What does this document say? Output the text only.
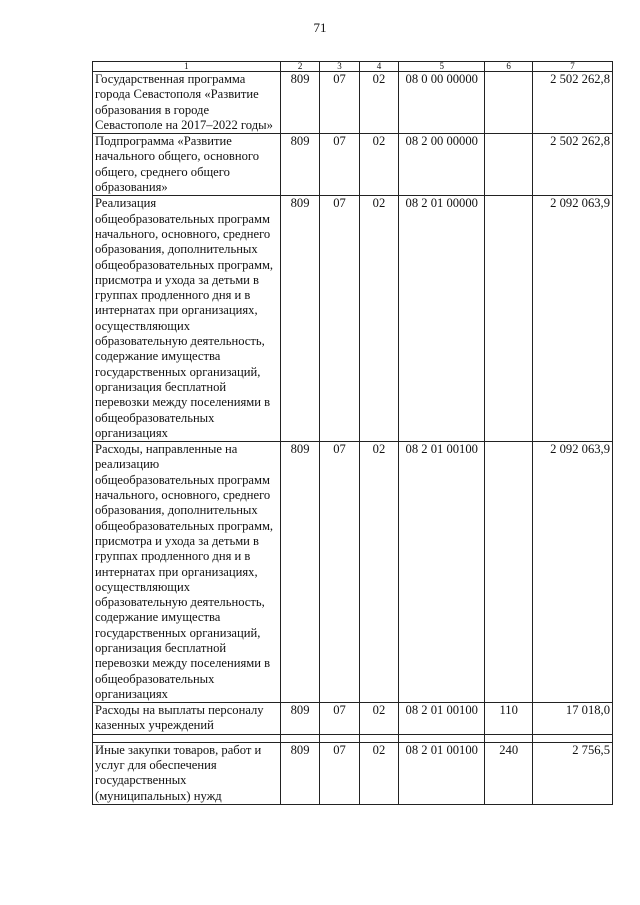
71
1	2	3	4	5	6	7
Государственная программа города Севастополя «Развитие образования в городе Севастополе на 2017–2022 годы»	809	07	02	08 0 00 00000		2 502 262,8
Подпрограмма «Развитие начального общего, основного общего, среднего общего образования»	809	07	02	08 2 00 00000		2 502 262,8
Реализация общеобразовательных программ начального, основного, среднего образования, дополнительных общеобразовательных программ, присмотра и ухода за детьми в группах продленного дня и в интернатах при организациях, осуществляющих образовательную деятельность, содержание имущества государственных организаций, организация бесплатной перевозки между поселениями в общеобразовательных организациях	809	07	02	08 2 01 00000		2 092 063,9
Расходы, направленные на реализацию общеобразовательных программ начального, основного, среднего образования, дополнительных общеобразовательных программ, присмотра и ухода за детьми в группах продленного дня и в интернатах при организациях, осуществляющих образовательную деятельность, содержание имущества государственных организаций, организация бесплатной перевозки между поселениями в общеобразовательных организациях	809	07	02	08 2 01 00100		2 092 063,9
Расходы на выплаты персоналу казенных учреждений	809	07	02	08 2 01 00100	110	17 018,0

Иные закупки товаров, работ и услуг для обеспечения государственных (муниципальных) нужд	809	07	02	08 2 01 00100	240	2 756,5
